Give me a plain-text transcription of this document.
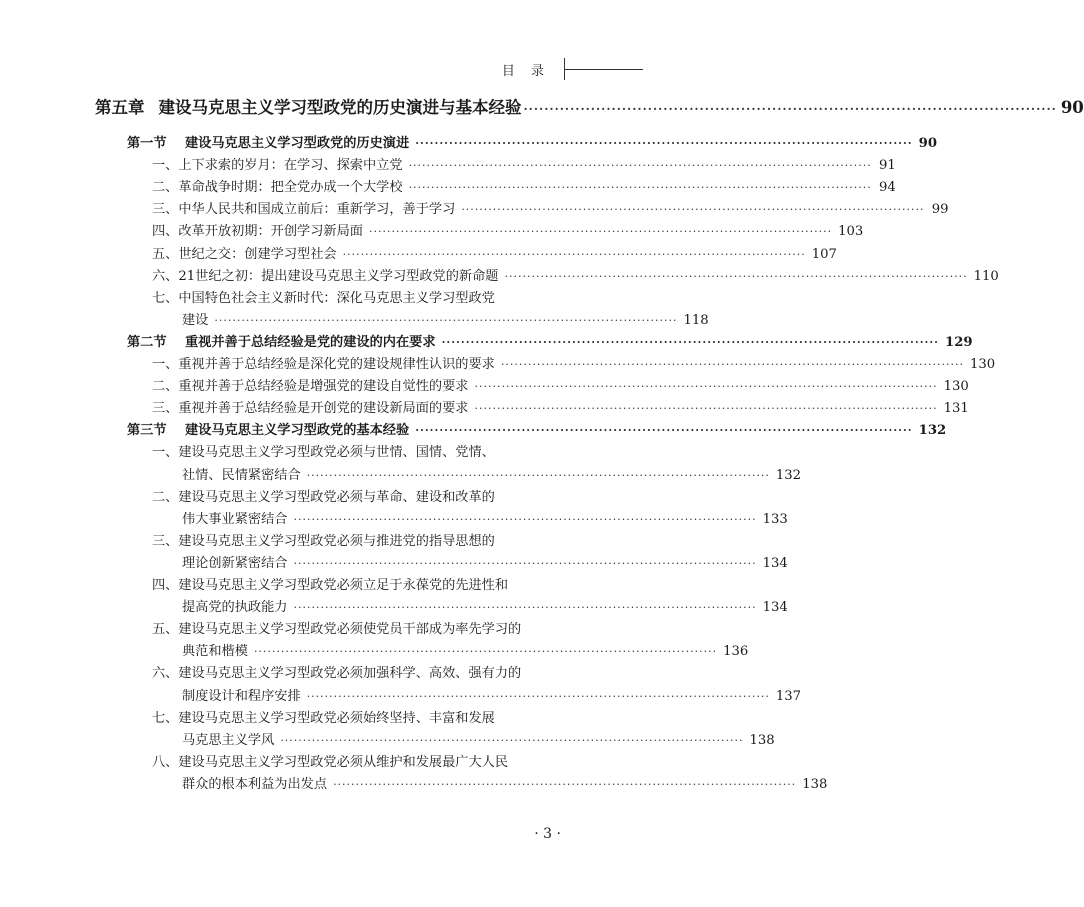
目 录
第五章 建设马克思主义学习型政党的历史演进与基本经验 ······································································································· 90
第一节 建设马克思主义学习型政党的历史演进 ······································································································· 90
一、上下求索的岁月：在学习、探索中立党 ······································································································· 91
二、革命战争时期：把全党办成一个大学校 ······································································································· 94
三、中华人民共和国成立前后：重新学习，善于学习 ······································································································· 99
四、改革开放初期：开创学习新局面 ······································································································· 103
五、世纪之交：创建学习型社会 ······································································································· 107
六、21世纪之初：提出建设马克思主义学习型政党的新命题 ······································································································· 110
七、中国特色社会主义新时代：深化马克思主义学习型政党
建设 ······································································································· 118
第二节 重视并善于总结经验是党的建设的内在要求 ······································································································· 129
一、重视并善于总结经验是深化党的建设规律性认识的要求 ······································································································· 130
二、重视并善于总结经验是增强党的建设自觉性的要求 ······································································································· 130
三、重视并善于总结经验是开创党的建设新局面的要求 ······································································································· 131
第三节 建设马克思主义学习型政党的基本经验 ······································································································· 132
一、建设马克思主义学习型政党必须与世情、国情、党情、
社情、民情紧密结合 ······································································································· 132
二、建设马克思主义学习型政党必须与革命、建设和改革的
伟大事业紧密结合 ······································································································· 133
三、建设马克思主义学习型政党必须与推进党的指导思想的
理论创新紧密结合 ······································································································· 134
四、建设马克思主义学习型政党必须立足于永葆党的先进性和
提高党的执政能力 ······································································································· 134
五、建设马克思主义学习型政党必须使党员干部成为率先学习的
典范和楷模 ······································································································· 136
六、建设马克思主义学习型政党必须加强科学、高效、强有力的
制度设计和程序安排 ······································································································· 137
七、建设马克思主义学习型政党必须始终坚持、丰富和发展
马克思主义学风 ······································································································· 138
八、建设马克思主义学习型政党必须从维护和发展最广大人民
群众的根本利益为出发点 ······································································································· 138
· 3 ·
